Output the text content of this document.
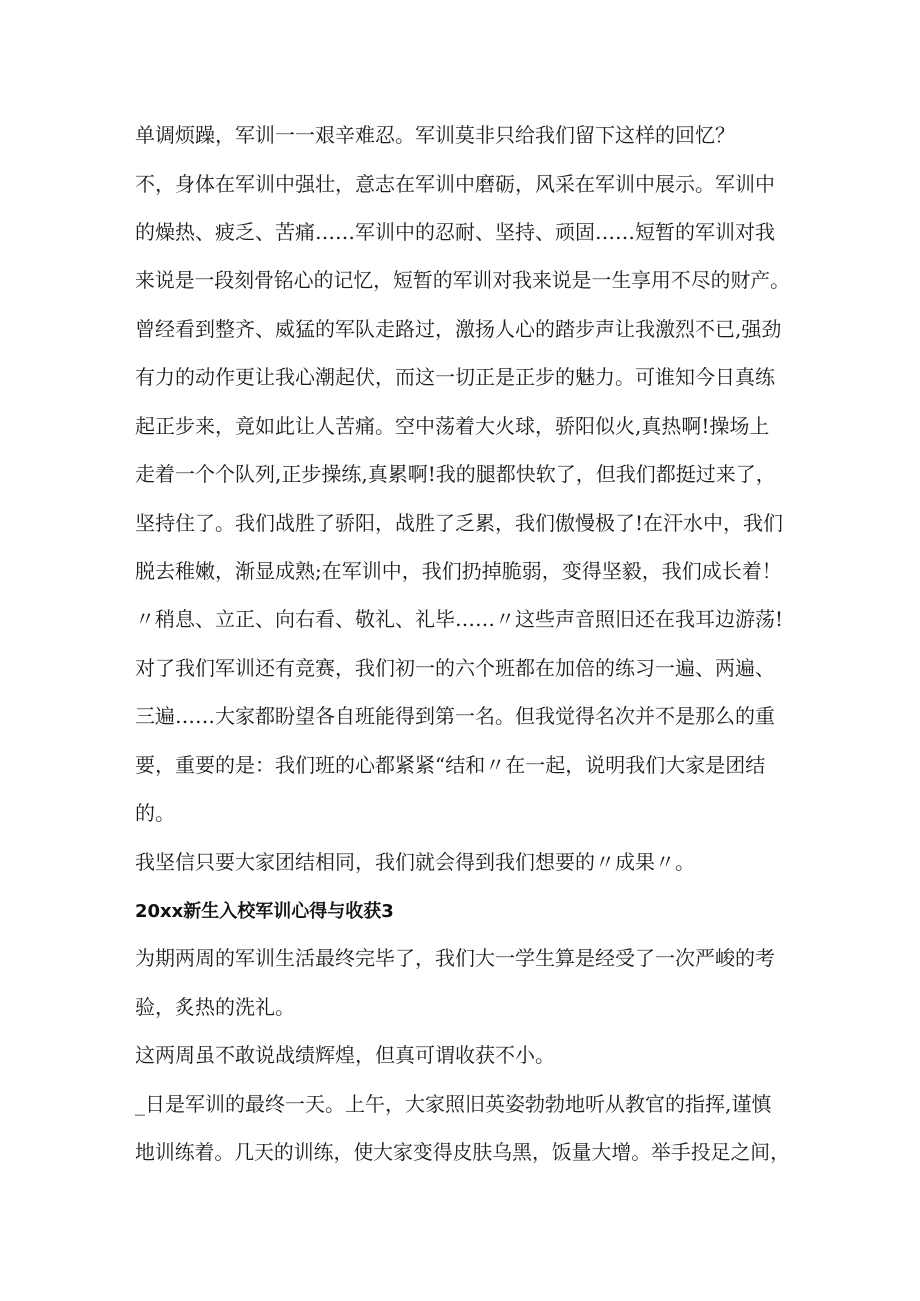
单调烦躁，军训一一艰辛难忍。军训莫非只给我们留下这样的回忆？
不，身体在军训中强壮，意志在军训中磨砺，风采在军训中展示。军训中
的燥热、疲乏、苦痛……军训中的忍耐、坚持、顽固……短暂的军训对我
来说是一段刻骨铭心的记忆，短暂的军训对我来说是一生享用不尽的财产。
曾经看到整齐、威猛的军队走路过，激扬人心的踏步声让我激烈不已,强劲
有力的动作更让我心潮起伏，而这一切正是正步的魅力。可谁知今日真练
起正步来，竟如此让人苦痛。空中荡着大火球，骄阳似火,真热啊!操场上
走着一个个队列,正步操练,真累啊!我的腿都快软了，但我们都挺过来了，
坚持住了。我们战胜了骄阳，战胜了乏累，我们傲慢极了!在汗水中，我们
脱去稚嫩，渐显成熟;在军训中，我们扔掉脆弱，变得坚毅，我们成长着！
〃稍息、立正、向右看、敬礼、礼毕……〃这些声音照旧还在我耳边游荡!
对了我们军训还有竞赛，我们初一的六个班都在加倍的练习一遍、两遍、
三遍……大家都盼望各自班能得到第一名。但我觉得名次并不是那么的重
要，重要的是：我们班的心都紧紧“结和〃在一起，说明我们大家是团结
的。
我坚信只要大家团结相同，我们就会得到我们想要的〃成果〃。
20xx新生入校军训心得与收获3
为期两周的军训生活最终完毕了，我们大一学生算是经受了一次严峻的考
验，炙热的洗礼。
这两周虽不敢说战绩辉煌，但真可谓收获不小。
_日是军训的最终一天。上午，大家照旧英姿勃勃地听从教官的指挥,谨慎
地训练着。几天的训练，使大家变得皮肤乌黑，饭量大增。举手投足之间，
